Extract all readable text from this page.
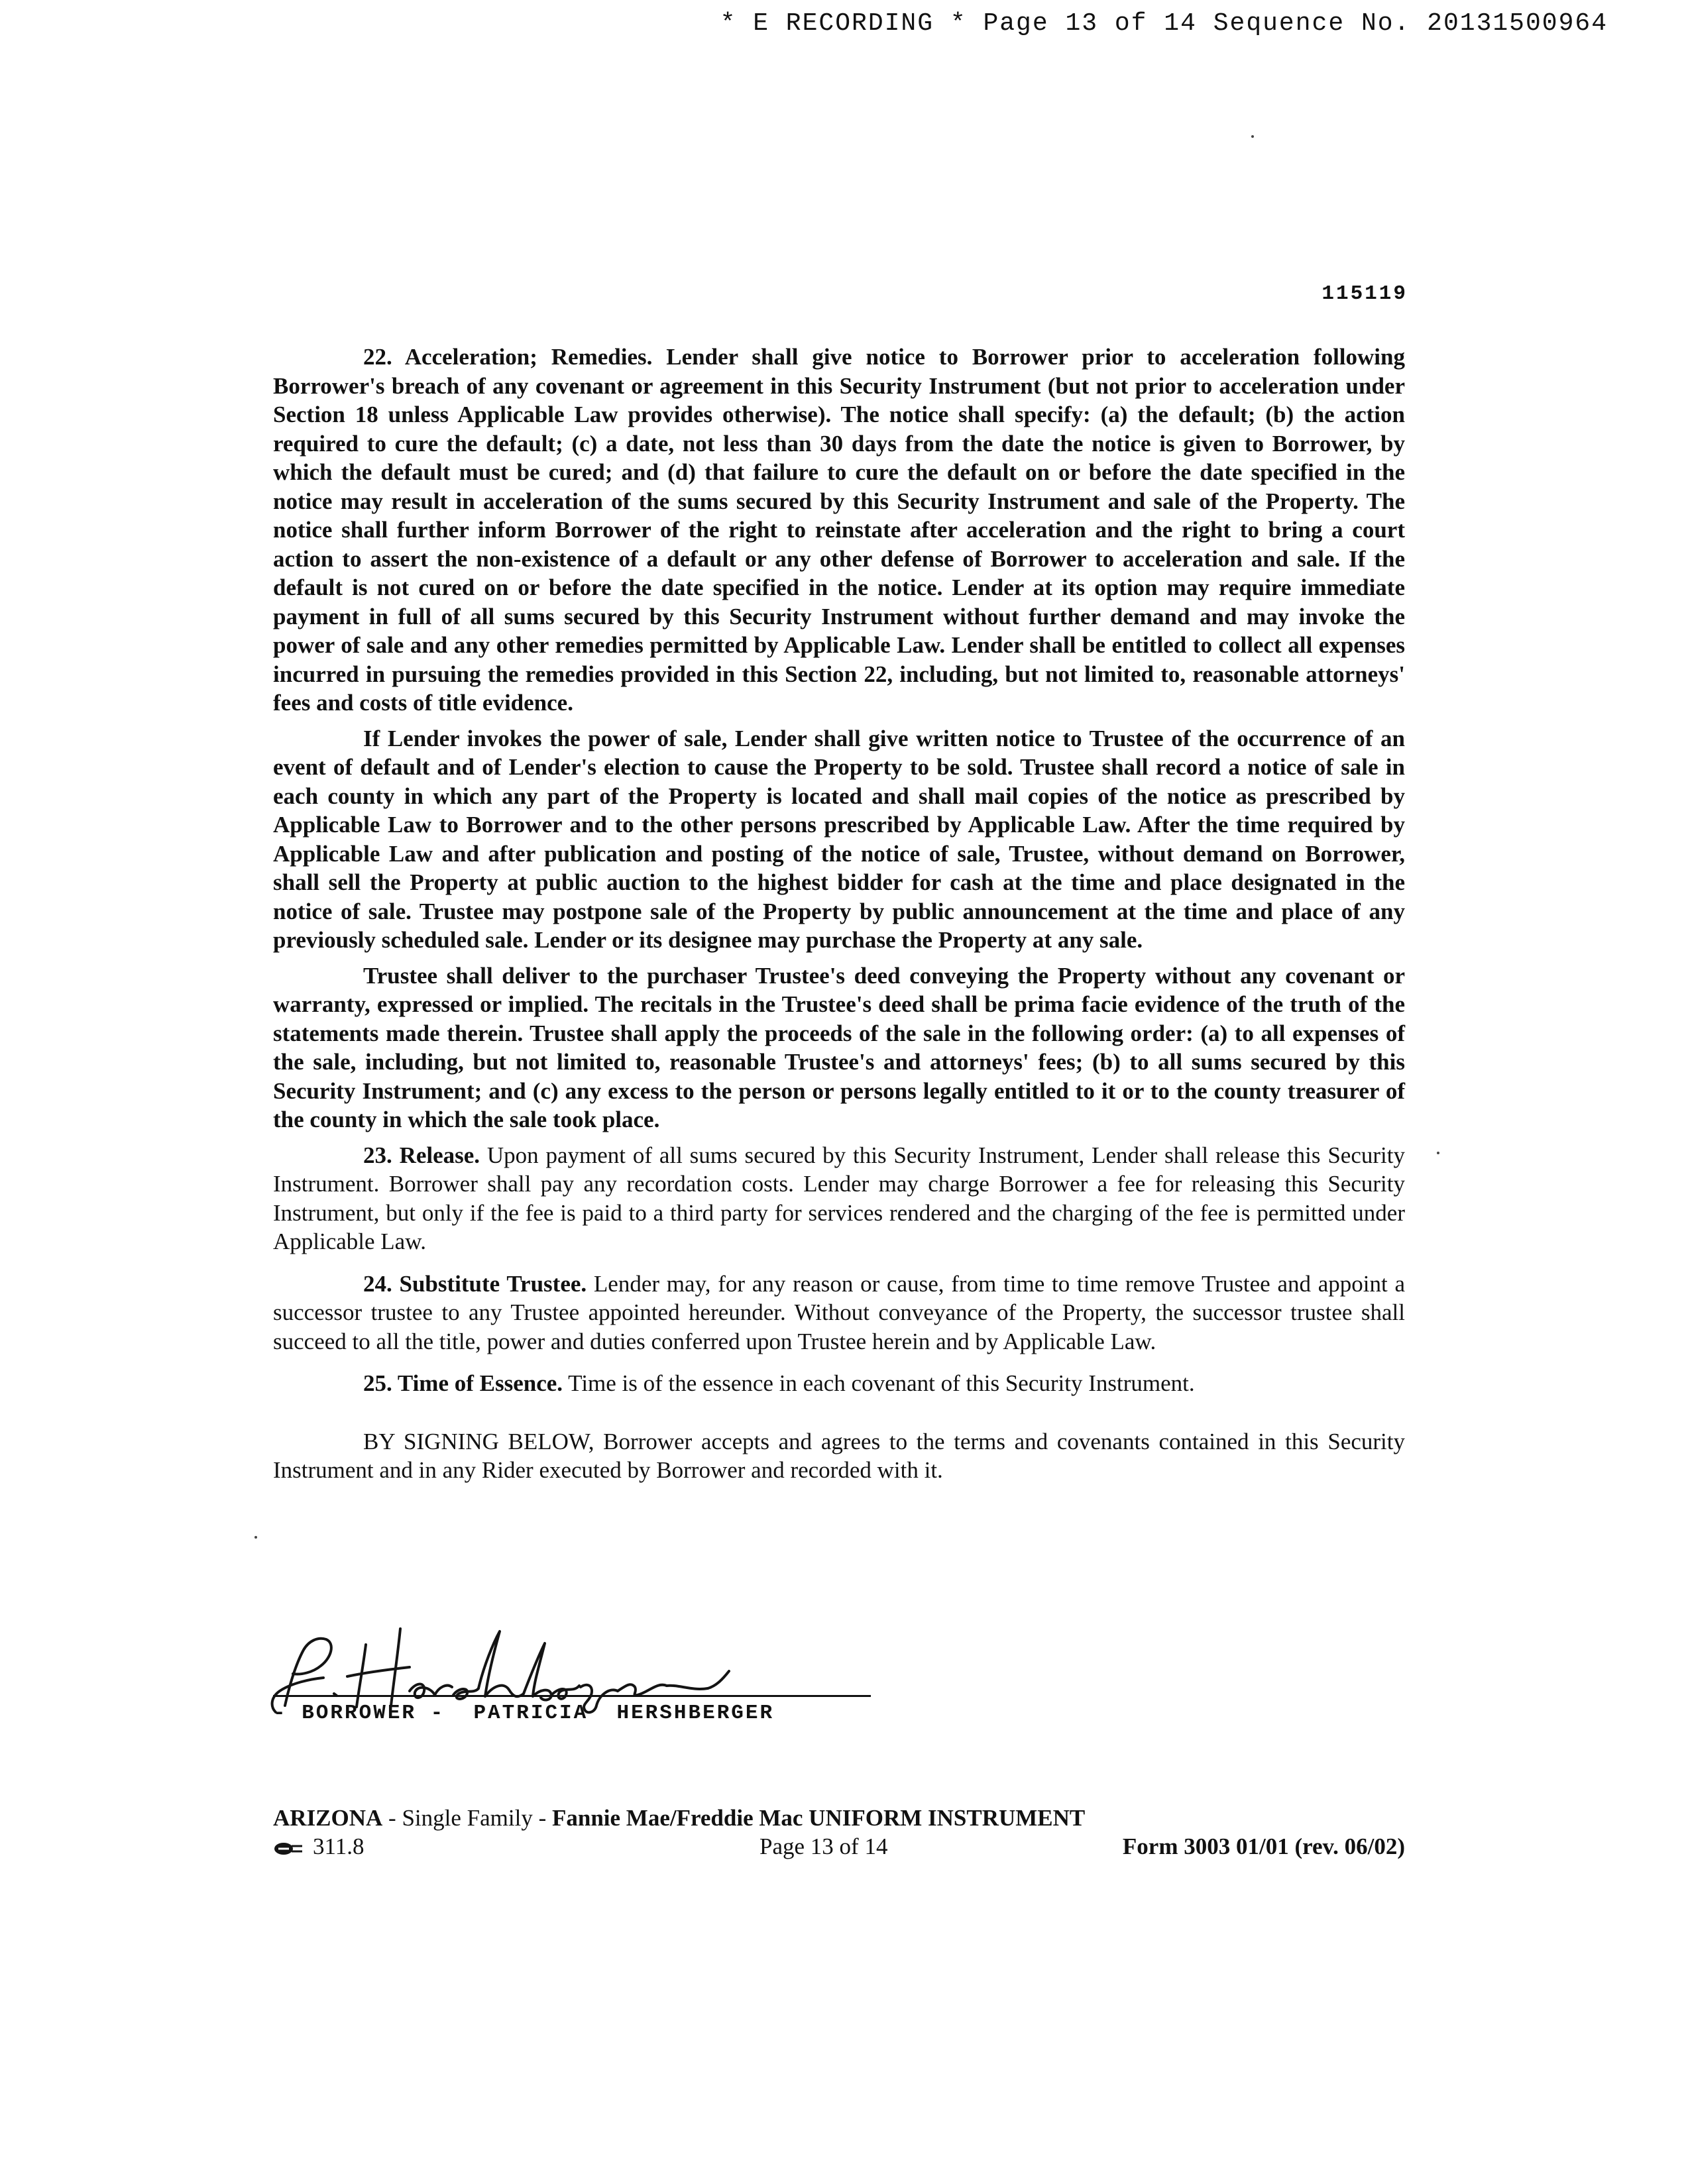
* E RECORDING * Page 13 of 14 Sequence No. 20131500964
115119

22. Acceleration; Remedies. Lender shall give notice to Borrower prior to acceleration following Borrower's breach of any covenant or agreement in this Security Instrument (but not prior to acceleration under Section 18 unless Applicable Law provides otherwise). The notice shall specify: (a) the default; (b) the action required to cure the default; (c) a date, not less than 30 days from the date the notice is given to Borrower, by which the default must be cured; and (d) that failure to cure the default on or before the date specified in the notice may result in acceleration of the sums secured by this Security Instrument and sale of the Property. The notice shall further inform Borrower of the right to reinstate after acceleration and the right to bring a court action to assert the non-existence of a default or any other defense of Borrower to acceleration and sale. If the default is not cured on or before the date specified in the notice. Lender at its option may require immediate payment in full of all sums secured by this Security Instrument without further demand and may invoke the power of sale and any other remedies permitted by Applicable Law. Lender shall be entitled to collect all expenses incurred in pursuing the remedies provided in this Section 22, including, but not limited to, reasonable attorneys' fees and costs of title evidence.

If Lender invokes the power of sale, Lender shall give written notice to Trustee of the occurrence of an event of default and of Lender's election to cause the Property to be sold. Trustee shall record a notice of sale in each county in which any part of the Property is located and shall mail copies of the notice as prescribed by Applicable Law to Borrower and to the other persons prescribed by Applicable Law. After the time required by Applicable Law and after publication and posting of the notice of sale, Trustee, without demand on Borrower, shall sell the Property at public auction to the highest bidder for cash at the time and place designated in the notice of sale. Trustee may postpone sale of the Property by public announcement at the time and place of any previously scheduled sale. Lender or its designee may purchase the Property at any sale.

Trustee shall deliver to the purchaser Trustee's deed conveying the Property without any covenant or warranty, expressed or implied. The recitals in the Trustee's deed shall be prima facie evidence of the truth of the statements made therein. Trustee shall apply the proceeds of the sale in the following order: (a) to all expenses of the sale, including, but not limited to, reasonable Trustee's and attorneys' fees; (b) to all sums secured by this Security Instrument; and (c) any excess to the person or persons legally entitled to it or to the county treasurer of the county in which the sale took place.

23. Release. Upon payment of all sums secured by this Security Instrument, Lender shall release this Security Instrument. Borrower shall pay any recordation costs. Lender may charge Borrower a fee for releasing this Security Instrument, but only if the fee is paid to a third party for services rendered and the charging of the fee is permitted under Applicable Law.

24. Substitute Trustee. Lender may, for any reason or cause, from time to time remove Trustee and appoint a successor trustee to any Trustee appointed hereunder. Without conveyance of the Property, the successor trustee shall succeed to all the title, power and duties conferred upon Trustee herein and by Applicable Law.

25. Time of Essence. Time is of the essence in each covenant of this Security Instrument.

BY SIGNING BELOW, Borrower accepts and agrees to the terms and covenants contained in this Security Instrument and in any Rider executed by Borrower and recorded with it.

- BORROWER -  PATRICIA  HERSHBERGER
ARIZONA - Single Family - Fannie Mae/Freddie Mac UNIFORM INSTRUMENT
311.8	Page 13 of 14	Form 3003 01/01 (rev. 06/02)
